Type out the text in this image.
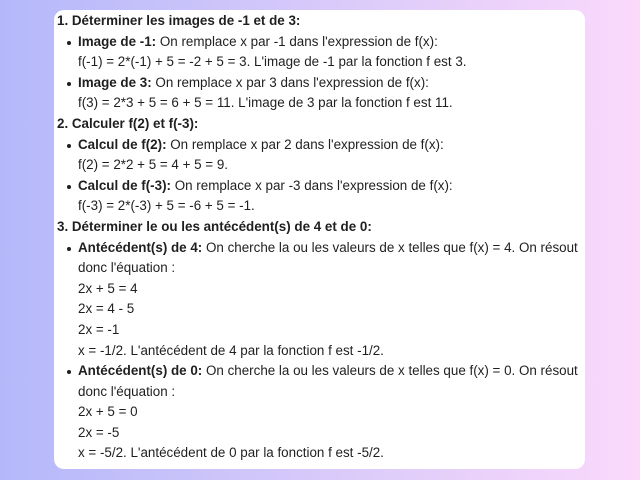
1. Déterminer les images de -1 et de 3:

Image de -1: On remplace x par -1 dans l'expression de f(x):
f(-1) = 2*(-1) + 5 = -2 + 5 = 3. L'image de -1 par la fonction f est 3.
Image de 3: On remplace x par 3 dans l'expression de f(x):
f(3) = 2*3 + 5 = 6 + 5 = 11. L'image de 3 par la fonction f est 11.

2. Calculer f(2) et f(-3):

Calcul de f(2): On remplace x par 2 dans l'expression de f(x):
f(2) = 2*2 + 5 = 4 + 5 = 9.
Calcul de f(-3): On remplace x par -3 dans l'expression de f(x):
f(-3) = 2*(-3) + 5 = -6 + 5 = -1.

3. Déterminer le ou les antécédent(s) de 4 et de 0:

Antécédent(s) de 4: On cherche la ou les valeurs de x telles que f(x) = 4. On résout donc l'équation :
2x + 5 = 4
2x = 4 - 5
2x = -1
x = -1/2. L'antécédent de 4 par la fonction f est -1/2.
Antécédent(s) de 0: On cherche la ou les valeurs de x telles que f(x) = 0. On résout donc l'équation :
2x + 5 = 0
2x = -5
x = -5/2. L'antécédent de 0 par la fonction f est -5/2.
